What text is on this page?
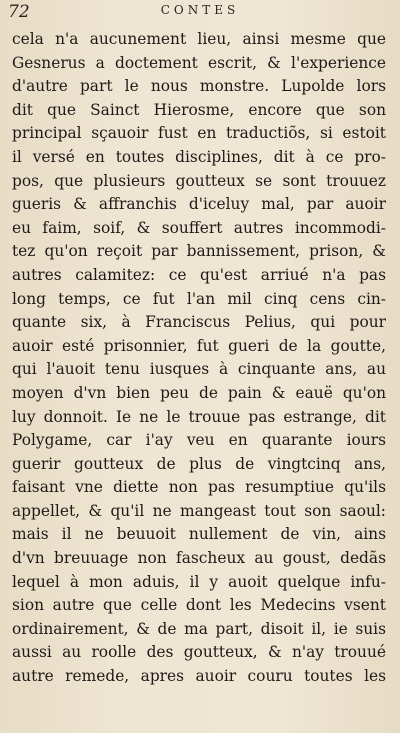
72	CONTES
cela n'a aucunement lieu, ainsi mesme que
Gesnerus a doctement escrit, & l'experience
d'autre part le nous monstre. Lupolde lors
dit que Sainct Hierosme, encore que son
principal sçauoir fust en traductiõs, si estoit
il versé en toutes disciplines, dit à ce pro-
pos, que plusieurs goutteux se sont trouuez
gueris & affranchis d'iceluy mal, par auoir
eu faim, soif, & souffert autres incommodi-
tez qu'on reçoit par bannissement, prison, &
autres calamitez: ce qu'est arriué n'a pas
long temps, ce fut l'an mil cinq cens cin-
quante six, à Franciscus Pelius, qui pour
auoir esté prisonnier, fut gueri de la goutte,
qui l'auoit tenu iusques à cinquante ans, au
moyen d'vn bien peu de pain & eauë qu'on
luy donnoit. Ie ne le trouue pas estrange, dit
Polygame, car i'ay veu en quarante iours
guerir goutteux de plus de vingtcinq ans,
faisant vne diette non pas resumptiue qu'ils
appellet, & qu'il ne mangeast tout son saoul:
mais il ne beuuoit nullement de vin, ains
d'vn breuuage non fascheux au goust, dedãs
lequel à mon aduis, il y auoit quelque infu-
sion autre que celle dont les Medecins vsent
ordinairement, & de ma part, disoit il, ie suis
aussi au roolle des goutteux, & n'ay trouué
autre remede, apres auoir couru toutes les
